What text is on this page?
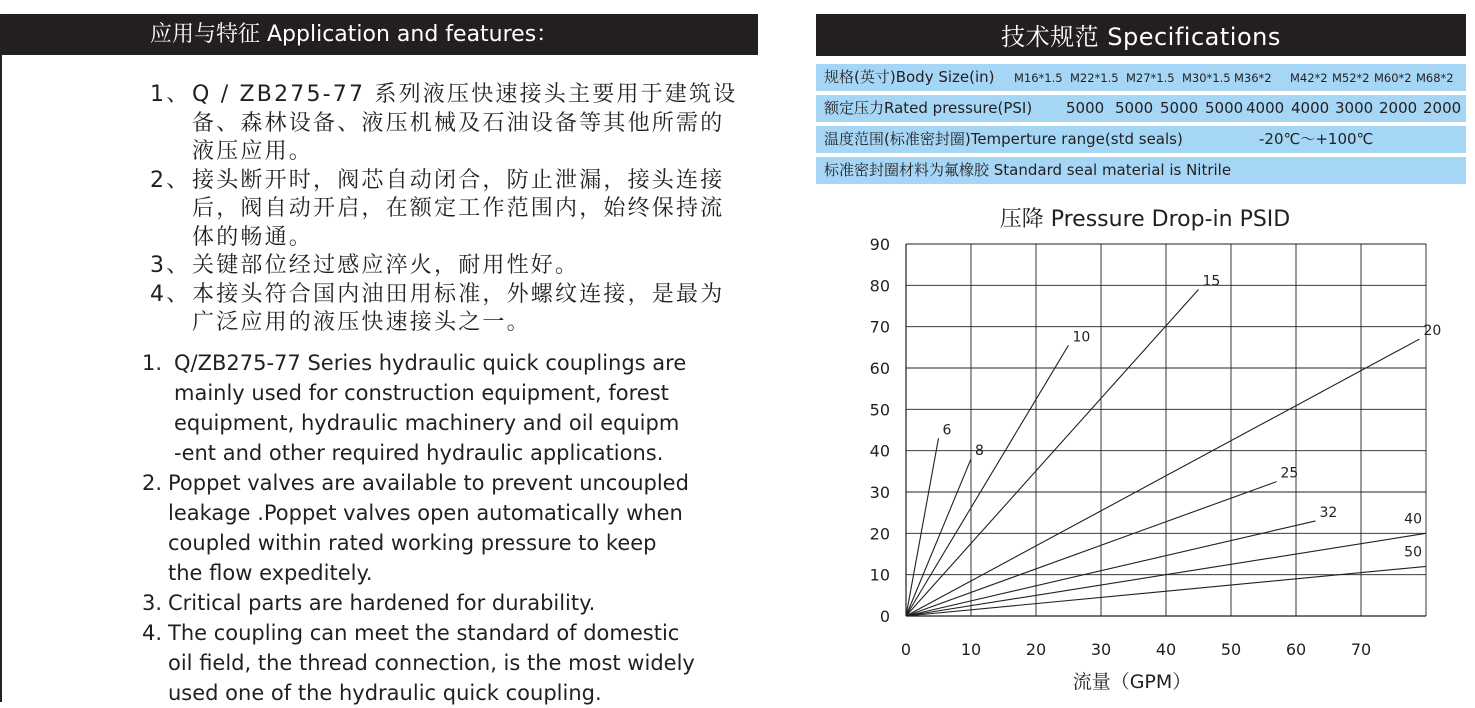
应用与特征 Application and features：
1、 Q / ZB275-77 系列液压快速接头主要用于建筑设备、森林设备、液压机械及石油设备等其他所需的液压应用。
2、 接头断开时，阀芯自动闭合，防止泄漏，接头连接后，阀自动开启，在额定工作范围内，始终保持流体的畅通。
3、 关键部位经过感应淬火，耐用性好。
4、 本接头符合国内油田用标准，外螺纹连接，是最为广泛应用的液压快速接头之一。
1. Q/ZB275-77 Series hydraulic quick couplings are
mainly used for construction equipment, forest
equipment, hydraulic machinery and oil equipm
-ent and other required hydraulic applications.
2. Poppet valves are available to prevent uncoupled
leakage .Poppet valves open automatically when
coupled within rated working pressure to keep
the flow expeditely.
3. Critical parts are hardened for durability.
4. The coupling can meet the standard of domestic
oil field, the thread connection, is the most widely
used one of the hydraulic quick coupling.
技术规范 Specifications
规格(英寸)Body Size(in) M16*1.5 M22*1.5 M27*1.5 M30*1.5 M36*2 M42*2 M52*2 M60*2 M68*2
额定压力Rated pressure(PSI) 5000 5000 5000 5000 4000 4000 3000 2000 2000
温度范围(标准密封圈)Temperture range(std seals)	-20℃～+100℃
标准密封圈材料为氟橡胶 Standard seal material is Nitrile
压降 Pressure Drop-in PSID
6
8
10
15
20
25
32	40
50
0	10	20	30	40	50	60	70
0
10
20
30
40
50
60
70
80
90
流量（GPM）
